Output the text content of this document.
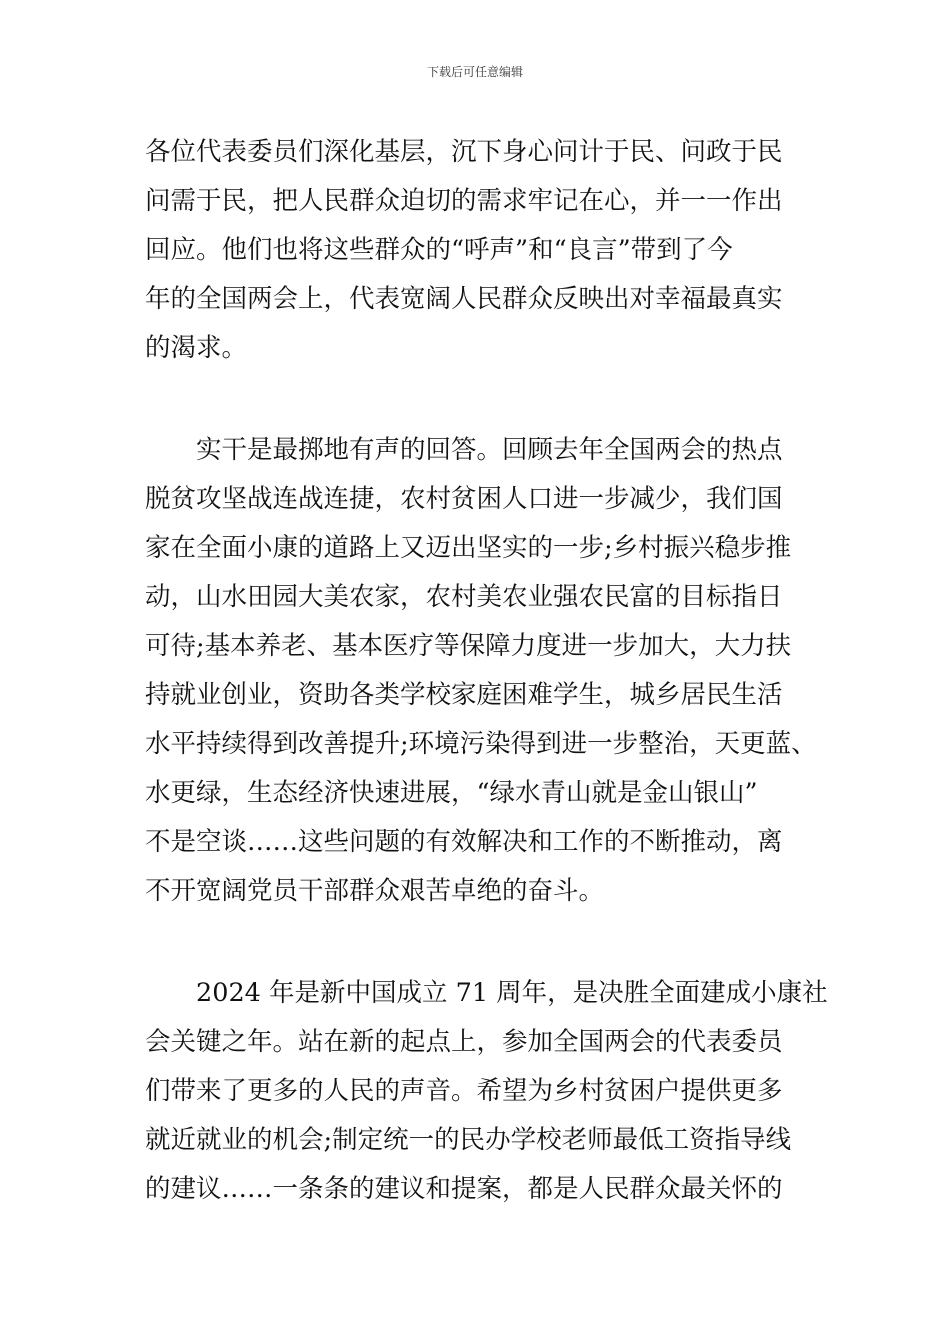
下载后可任意编辑

各位代表委员们深化基层，沉下身心问计于民、问政于民
问需于民，把人民群众迫切的需求牢记在心，并一一作出
回应。他们也将这些群众的“呼声”和“良言”带到了今
年的全国两会上，代表宽阔人民群众反映出对幸福最真实
的渴求。

实干是最掷地有声的回答。回顾去年全国两会的热点
脱贫攻坚战连战连捷，农村贫困人口进一步减少，我们国
家在全面小康的道路上又迈出坚实的一步;乡村振兴稳步推
动，山水田园大美农家，农村美农业强农民富的目标指日
可待;基本养老、基本医疗等保障力度进一步加大，大力扶
持就业创业，资助各类学校家庭困难学生，城乡居民生活
水平持续得到改善提升;环境污染得到进一步整治，天更蓝、
水更绿，生态经济快速进展，“绿水青山就是金山银山”
不是空谈……这些问题的有效解决和工作的不断推动，离
不开宽阔党员干部群众艰苦卓绝的奋斗。

2024 年是新中国成立 71 周年，是决胜全面建成小康社
会关键之年。站在新的起点上，参加全国两会的代表委员
们带来了更多的人民的声音。希望为乡村贫困户提供更多
就近就业的机会;制定统一的民办学校老师最低工资指导线
的建议……一条条的建议和提案，都是人民群众最关怀的
